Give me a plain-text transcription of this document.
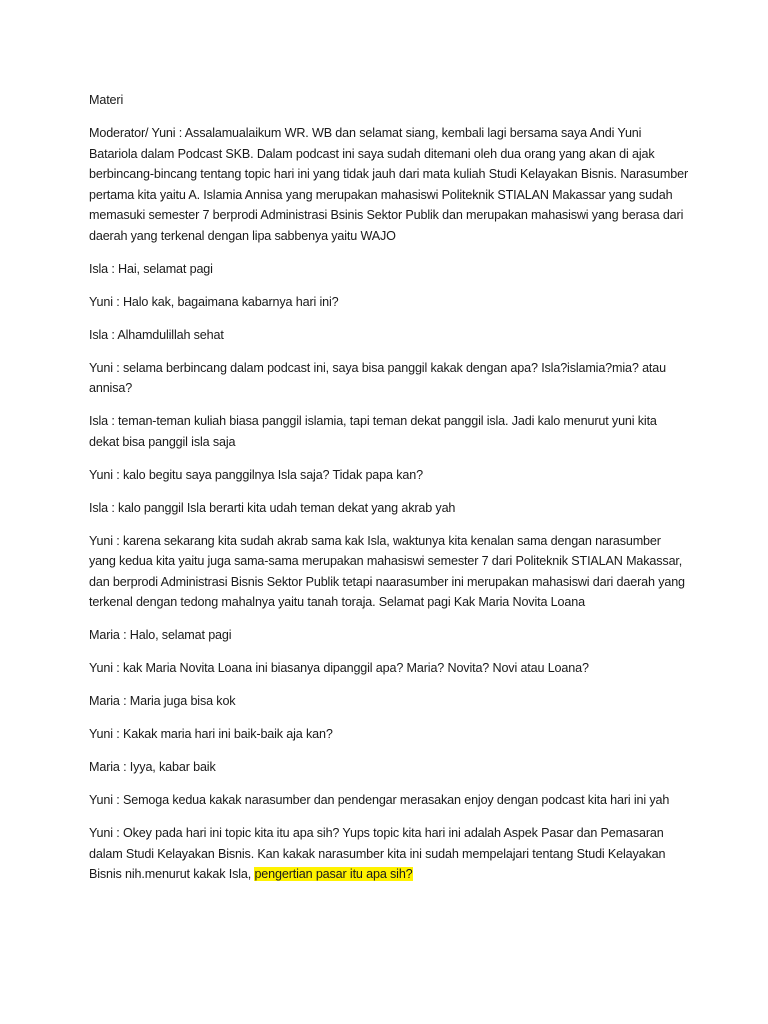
Materi

Moderator/ Yuni : Assalamualaikum WR. WB dan selamat siang, kembali lagi bersama saya Andi Yuni Batariola dalam Podcast SKB. Dalam podcast ini saya sudah ditemani oleh dua orang yang akan di ajak berbincang-bincang tentang topic hari ini yang tidak jauh dari mata kuliah Studi Kelayakan Bisnis. Narasumber pertama kita yaitu A. Islamia Annisa yang merupakan mahasiswi Politeknik STIALAN Makassar yang sudah memasuki semester 7 berprodi Administrasi Bsinis Sektor Publik dan merupakan mahasiswi yang berasa dari daerah yang terkenal dengan lipa sabbenya yaitu WAJO

Isla : Hai, selamat pagi

Yuni : Halo kak, bagaimana kabarnya hari ini?

Isla : Alhamdulillah sehat

Yuni : selama berbincang dalam podcast ini, saya bisa panggil kakak dengan apa? Isla?islamia?mia? atau annisa?

Isla : teman-teman kuliah biasa panggil islamia, tapi teman dekat panggil isla. Jadi kalo menurut yuni kita dekat bisa panggil isla saja

Yuni : kalo begitu saya panggilnya Isla saja? Tidak papa kan?

Isla : kalo panggil Isla berarti kita udah teman dekat yang akrab yah

Yuni : karena sekarang kita sudah akrab sama kak Isla, waktunya kita kenalan sama dengan narasumber yang kedua kita yaitu juga sama-sama merupakan mahasiswi semester 7 dari Politeknik STIALAN Makassar, dan berprodi Administrasi Bisnis Sektor Publik tetapi naarasumber ini merupakan mahasiswi dari daerah yang terkenal dengan tedong mahalnya yaitu tanah toraja. Selamat pagi Kak Maria Novita Loana

Maria : Halo, selamat pagi

Yuni : kak Maria Novita Loana ini biasanya dipanggil apa? Maria? Novita? Novi atau Loana?

Maria : Maria juga bisa kok

Yuni : Kakak maria hari ini baik-baik aja kan?

Maria : Iyya, kabar baik

Yuni : Semoga kedua kakak narasumber dan pendengar merasakan enjoy dengan podcast kita hari ini yah

Yuni : Okey pada hari ini topic kita itu apa sih? Yups topic kita hari ini adalah Aspek Pasar dan Pemasaran dalam Studi Kelayakan Bisnis. Kan kakak narasumber kita ini sudah mempelajari tentang Studi Kelayakan Bisnis nih.menurut kakak Isla, pengertian pasar itu apa sih?
